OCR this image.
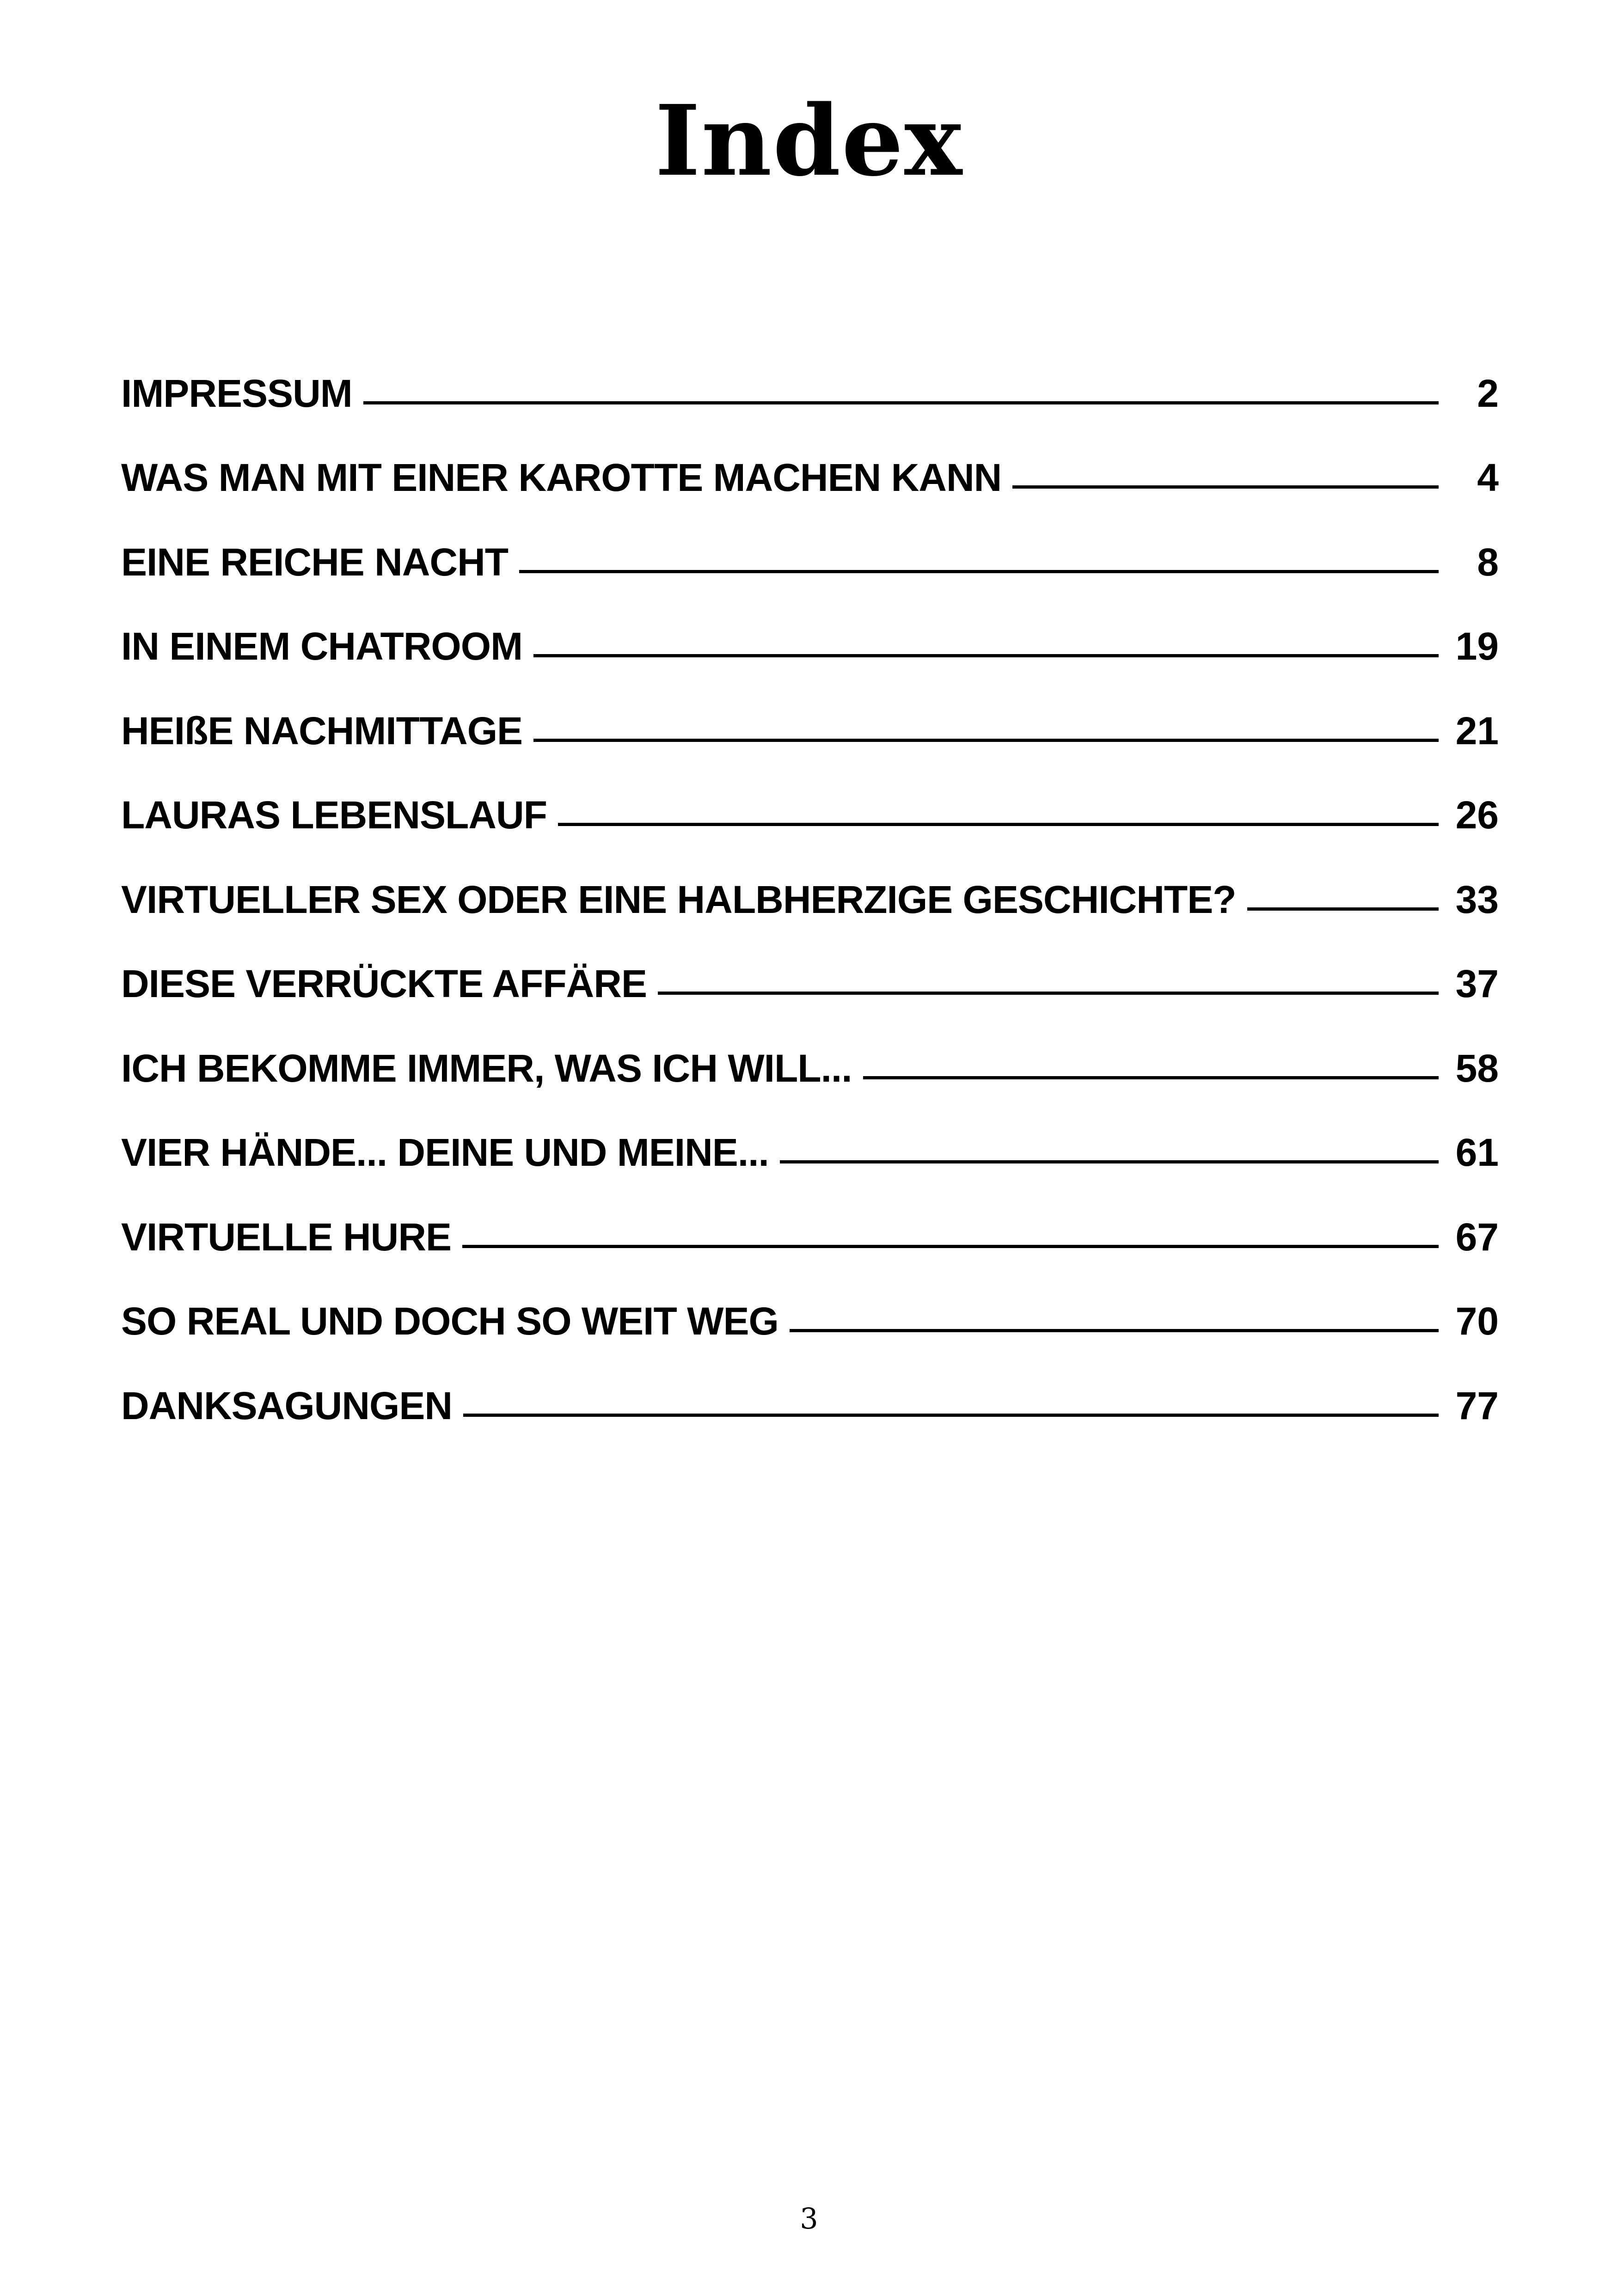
Index
IMPRESSUM	2
WAS MAN MIT EINER KAROTTE MACHEN KANN	4
EINE REICHE NACHT	8
IN EINEM CHATROOM	19
HEIßE NACHMITTAGE	21
LAURAS LEBENSLAUF	26
VIRTUELLER SEX ODER EINE HALBHERZIGE GESCHICHTE?	33
DIESE VERRÜCKTE AFFÄRE	37
ICH BEKOMME IMMER, WAS ICH WILL...	58
VIER HÄNDE... DEINE UND MEINE...	61
VIRTUELLE HURE	67
SO REAL UND DOCH SO WEIT WEG	70
DANKSAGUNGEN	77
3
